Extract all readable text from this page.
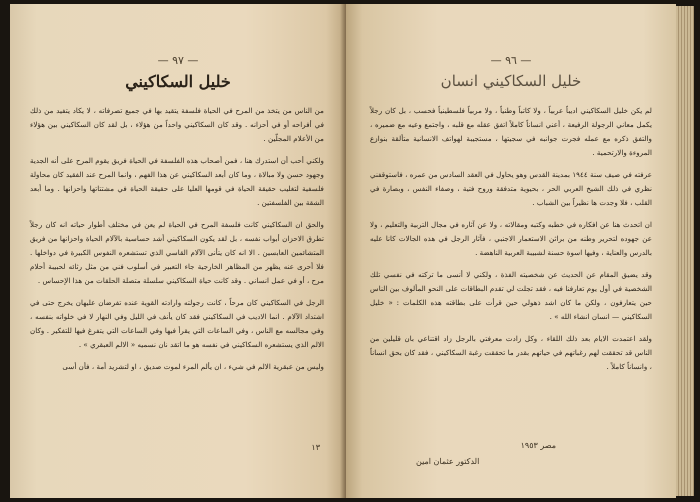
— ٩٧ —
خليل السكاكيني

من الناس من يتخذ من المرح في الحياة فلسفة يتقيد بها في جميع تصرفاته ، لا يكاد يتفيد من ذلك في أفراحه أو في أحزانه . وقد كان السكاكيني واحداً من هؤلاء ، بل لقد كان السكاكيني بين هؤلاء من الأعلام المجلّين .

ولكني أحب أن استدرك هنا ، فمن أصحاب هذه الفلسفة في الحياة فريق يقوم المرح على أنه الجدية وجهود حسن ولا مبالاة ، وما كان أبعد السكاكيني عن هذا الفهم ، وانما المرح عند الفقيد كان محاولة فلسفية لتغليب حقيقة الحياة في قومها العليا على حقيقة الحياة في مشتتاتها واحزانها . وما أبعد الشقة بين الفلسفتين .

والحق ان السكاكيني كانت فلسفة المرح في الحياة لم يعن في مختلف أطوار حياته انه كان رجلاً تطرق الاحزان أبواب نفسه ، بل لقد يكون السكاكيني أشد حساسية بالآلام الحياة واحزانها من فريق المتشائمين العابسين . الا انه كان يتأنى الآلام القاسي الذي تستشعره النفوس الكبيرة في دواخلها . فلا أحرى عنه يظهر من المظاهر الخارجية جاء التعبير في أسلوب فني من مثل رثائه لحبيبة أحلام مرح ، أو في عمل انساني . وقد كانت حياة السكاكيني سلسلة متصلة الحلقات من هذا الإحساس .

الرجل في السكاكيني كان مرحاً ، كانت رجولته وارادته القوية عنده تفرضان عليهان يخرج حتى في اشتداد الآلام . انما الاديب في السكاكيني فقد كان يأنف في الليل وفي النهار لا في خلواته بنفسه ، وفي مجالسه مع الناس ، وفي الساعات التي يقرأ فيها وفي الساعات التي يتفرغ فيها للتفكير . وكان الالم الذي يستشعره السكاكيني في نفسه هو ما اتقد نان نسميه « الالم العبقري » .

وليس من عبقرية الالم في شيء ، ان يألم المرء لموت صديق ، او لتشريد أمة ، فأن أسى

١٣
— ٩٦ —
خليل السكاكيني انسان

لم يكن خليل السكاكيني اديباً عربياً ، ولا كاتباً وطنياً ، ولا مربياً فلسطينياً فحسب ، بل كان رجلاً يكمل معاني الرجولة الرفيعة ، أعني انساناً كاملاً اتفق عقله مع قلبه ، واجتمع وعيه مع ضميره ، والتفق ذكره مع عمله فجرت جوانبه في سجيتها ، مستجيبة لهواتف الانسانية متألقة بنوازع المروءة والارتحمية .

عرفته في صيف سنة ١٩٤٤ بمدينة القدس وهو يحاول في العقد السادس من عمره ، فاستوقفني نظري في ذلك الشيخ العربي الحر ، بحيوية متدفقة وروح فتية ، وصفاء النفس ، وبصارة في القلب ، فلا وجدت ها نظيراً بين الشباب .

ان اتحدث هنا عن افكاره في خطبه وكتبه ومقالاته ، ولا عن آثاره في مجال التربية والتعليم ، ولا عن جهوده لتحرير وطنه من براثن الاستعمار الاجنبي ، فآثار الرجل في هذه الجالات كانا عليه بالدرس والعناية ، وفيها اسوة حسنة لشبيبة العربية الناهضة .

وقد يضيق المقام عن الحديث عن شخصيته الفذة ، ولكني لا أنسى ما تركته في نفسي تلك الشخصية في أول يوم تعارفنا فيه ، فقد تجلت لي تقدم البطاقات على النحو المألوف بين الناس حين يتعارفون ، ولكن ما كان اشد ذهولي حين قرأت على بطاقته هذه الكلمات : « خليل السكاكيني — انسان انشاء الله » .

ولقد اعتمدت الايام بعد ذلك اللقاء ، وكل زادت معرفتي بالرجل زاد اقتناعي بان قليلين من الناس قد تحققت لهم رغباتهم في حياتهم بقدر ما تحققت رغبة السكاكيني ، فقد كان بحق انساناً ، وانساناً كاملاً .

الدكتور عثمان امين
مصر ١٩٥٣
